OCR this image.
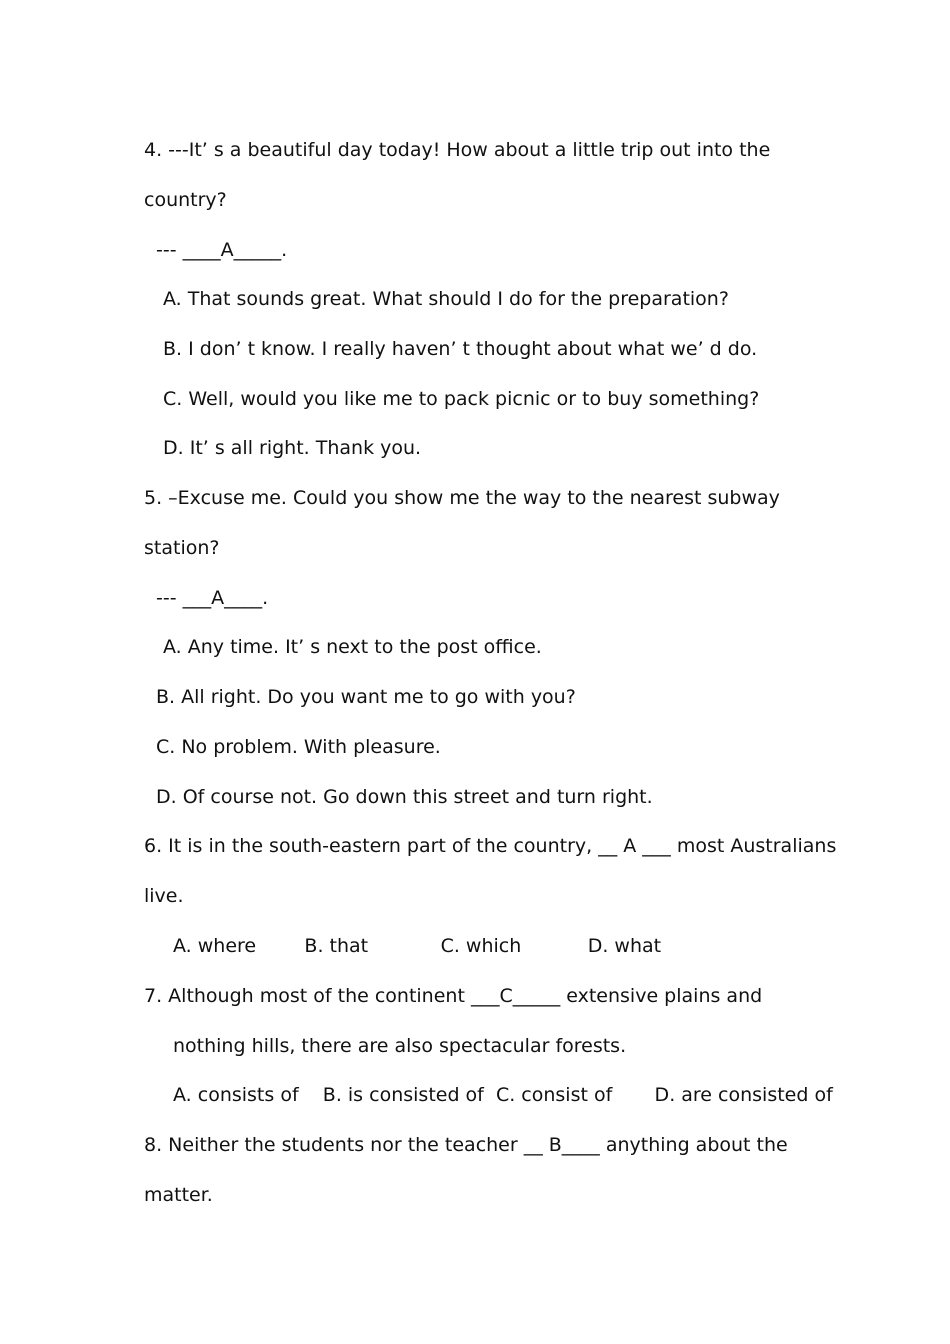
4. ---It’ s a beautiful day today! How about a little trip out into the
country?
--- ____A_____.
A. That sounds great. What should I do for the preparation?
B. I don’ t know. I really haven’ t thought about what we’ d do.
C. Well, would you like me to pack picnic or to buy something?
D. It’ s all right. Thank you.
5. –Excuse me. Could you show me the way to the nearest subway
station?
--- ___A____.
A. Any time. It’ s next to the post office.
B. All right. Do you want me to go with you?
C. No problem. With pleasure.
D. Of course not. Go down this street and turn right.
6. It is in the south-eastern part of the country, __ A ___ most Australians
live.
A. where        B. that            C. which           D. what
7. Although most of the continent ___C_____ extensive plains and
nothing hills, there are also spectacular forests.
A. consists of    B. is consisted of  C. consist of       D. are consisted of
8. Neither the students nor the teacher __ B____ anything about the
matter.
